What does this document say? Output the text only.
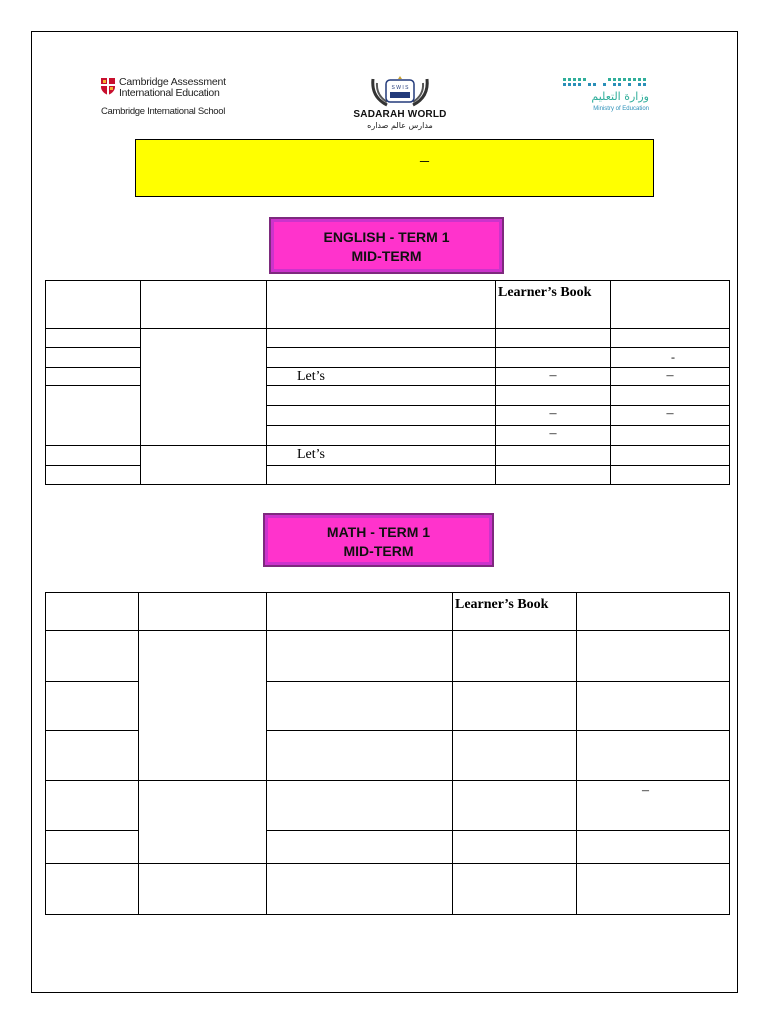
Cambridge Assessment
International Education
Cambridge International School
S W I S
SADARAH WORLD
مدارس عالم صداره
وزارة التعليم
Ministry of Education
–
ENGLISH - TERM 1
MID-TERM

			Learner’s Book	

				-

		Let’s	–	–

			–	–

			–	

		Let’s		

MATH - TERM 1
MID-TERM

			Learner’s Book	

				–
